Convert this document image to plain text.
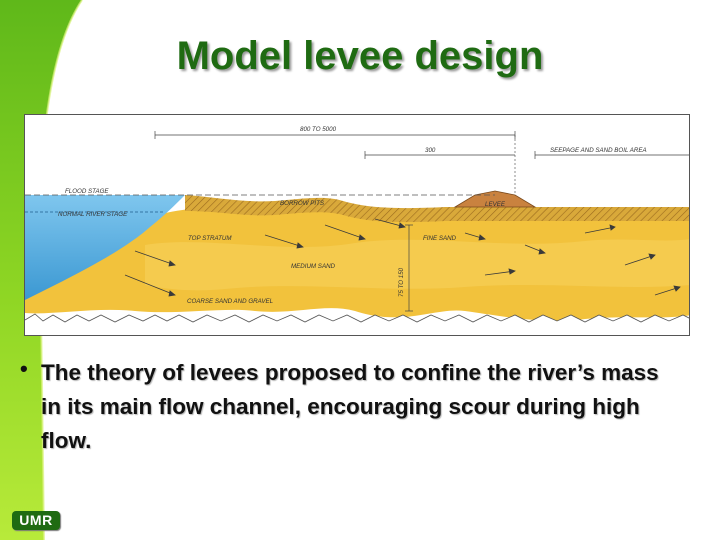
Model levee design
800 TO 5000
300	SEEPAGE AND SAND BOIL AREA
FLOOD STAGE
NORMAL RIVER STAGE
BORROW PITS	LEVEE
TOP STRATUM	FINE SAND
MEDIUM SAND
75 TO 150
COARSE SAND AND GRAVEL
• The theory of levees proposed to confine the river’s mass in its main flow channel, encouraging scour during high flow.

UMR
